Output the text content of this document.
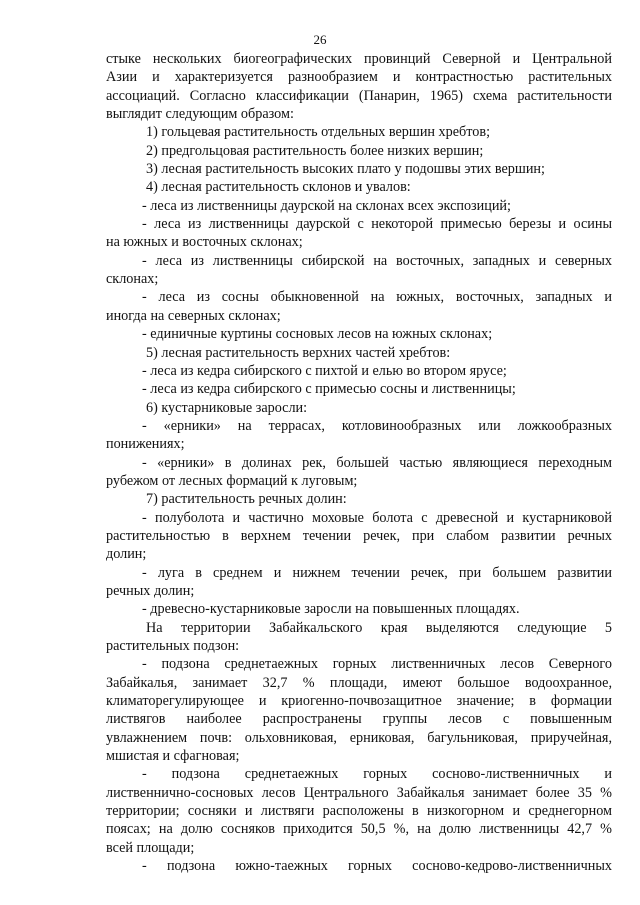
26
стыке нескольких биогеографических провинций Северной и Центральной
Азии и характеризуется разнообразием и контрастностью растительных
ассоциаций. Согласно классификации (Панарин, 1965) схема растительности
выглядит следующим образом:
1) гольцевая растительность отдельных вершин хребтов;
2) предгольцовая растительность более низких вершин;
3) лесная растительность высоких плато у подошвы этих вершин;
4) лесная растительность склонов и увалов:
- леса из лиственницы даурской на склонах всех экспозиций;
- леса из лиственницы даурской с некоторой примесью березы и осины
на южных и восточных склонах;
- леса из лиственницы сибирской на восточных, западных и северных
склонах;
- леса из сосны обыкновенной на южных, восточных, западных и
иногда на северных склонах;
- единичные куртины сосновых лесов на южных склонах;
5) лесная растительность верхних частей хребтов:
- леса из кедра сибирского с пихтой и елью во втором ярусе;
- леса из кедра сибирского с примесью сосны и лиственницы;
6) кустарниковые заросли:
- «ерники» на террасах, котловинообразных или ложкообразных
понижениях;
- «ерники» в долинах рек, большей частью являющиеся переходным
рубежом от лесных формаций к луговым;
7) растительность речных долин:
- полуболота и частично моховые болота с древесной и кустарниковой
растительностью в верхнем течении речек, при слабом развитии речных
долин;
- луга в среднем и нижнем течении речек, при большем развитии
речных долин;
- древесно-кустарниковые заросли на повышенных площадях.
На территории Забайкальского края выделяются следующие 5
растительных подзон:
- подзона среднетаежных горных лиственничных лесов Северного
Забайкалья, занимает 32,7 % площади, имеют большое водоохранное,
климаторегулирующее и криогенно-почвозащитное значение; в формации
листвягов наиболее распространены группы лесов с повышенным
увлажнением почв: ольховниковая, ерниковая, багульниковая, приручейная,
мшистая и сфагновая;
- подзона среднетаежных горных сосново-лиственничных и
лиственнично-сосновых лесов Центрального Забайкалья занимает более 35 %
территории; сосняки и листвяги расположены в низкогорном и среднегорном
поясах; на долю сосняков приходится 50,5 %, на долю лиственницы 42,7 %
всей площади;
- подзона южно-таежных горных сосново-кедрово-лиственничных
